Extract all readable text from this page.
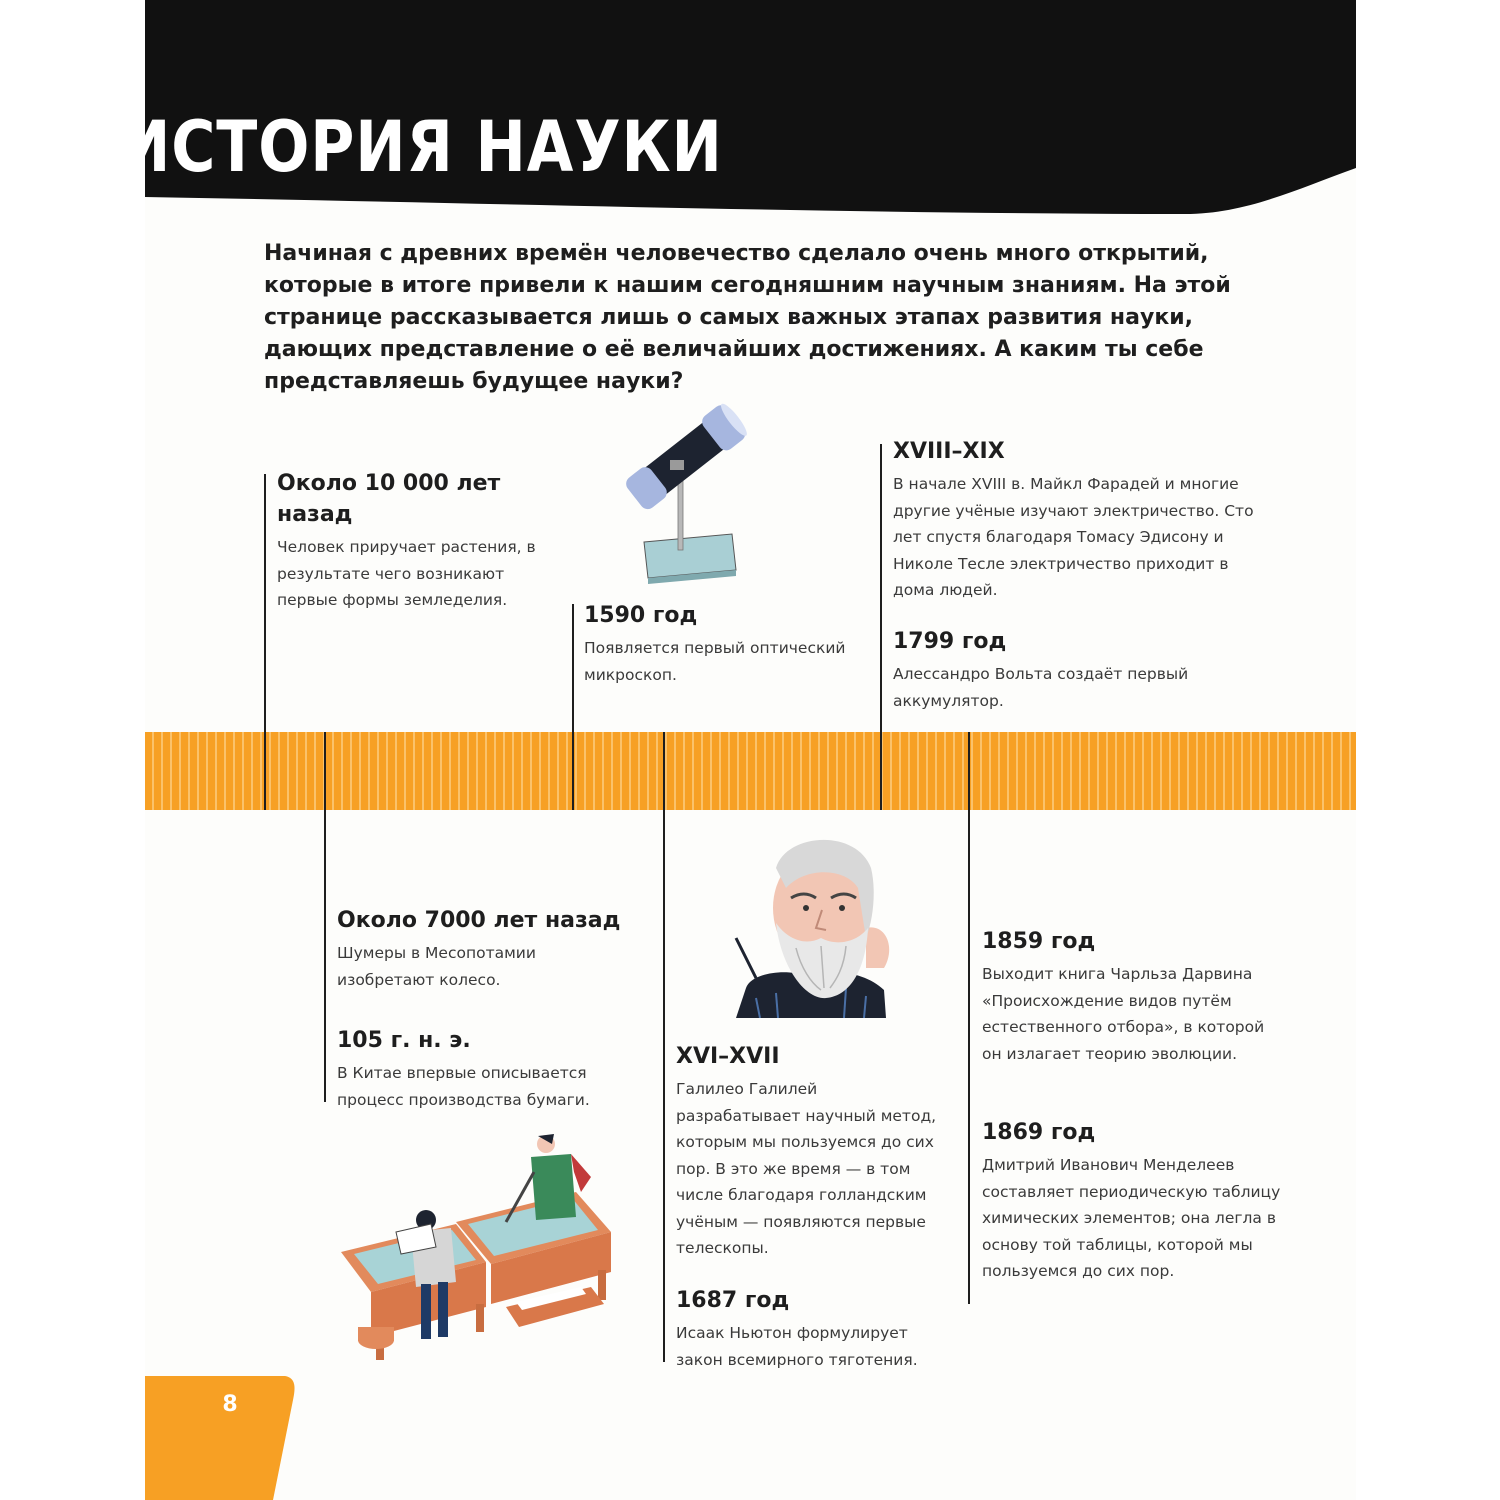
ИСТОРИЯ НАУКИ

Начиная с древних времён человечество сделало очень много открытий, которые в итоге привели к нашим сегодняшним научным знаниям. На этой странице рассказывается лишь о самых важных этапах развития науки, дающих представление о её величайших достижениях. А каким ты себе представляешь будущее науки?

Около 10 000 лет назад

Человек приручает растения, в результате чего возникают первые формы земледелия.

1590 год

Появляется первый оптический микроскоп.

XVIII–XIX

В начале XVIII в. Майкл Фарадей и многие другие учёные изучают электричество. Сто лет спустя благодаря Томасу Эдисону и Николе Тесле электричество приходит в дома людей.

1799 год

Алессандро Вольта создаёт первый аккумулятор.

Около 7000 лет назад

Шумеры в Месопотамии изобретают колесо.

105 г. н. э.

В Китае впервые описывается процесс производства бумаги.

XVI–XVII

Галилео Галилей разрабатывает научный метод, которым мы пользуемся до сих пор. В это же время — в том числе благодаря голландским учёным — появляются первые телескопы.

1687 год

Исаак Ньютон формулирует закон всемирного тяготения.

1859 год

Выходит книга Чарльза Дарвина «Происхождение видов путём естественного отбора», в которой он излагает теорию эволюции.

1869 год

Дмитрий Иванович Менделеев составляет периодическую таблицу химических элементов; она легла в основу той таблицы, которой мы пользуемся до сих пор.

8
